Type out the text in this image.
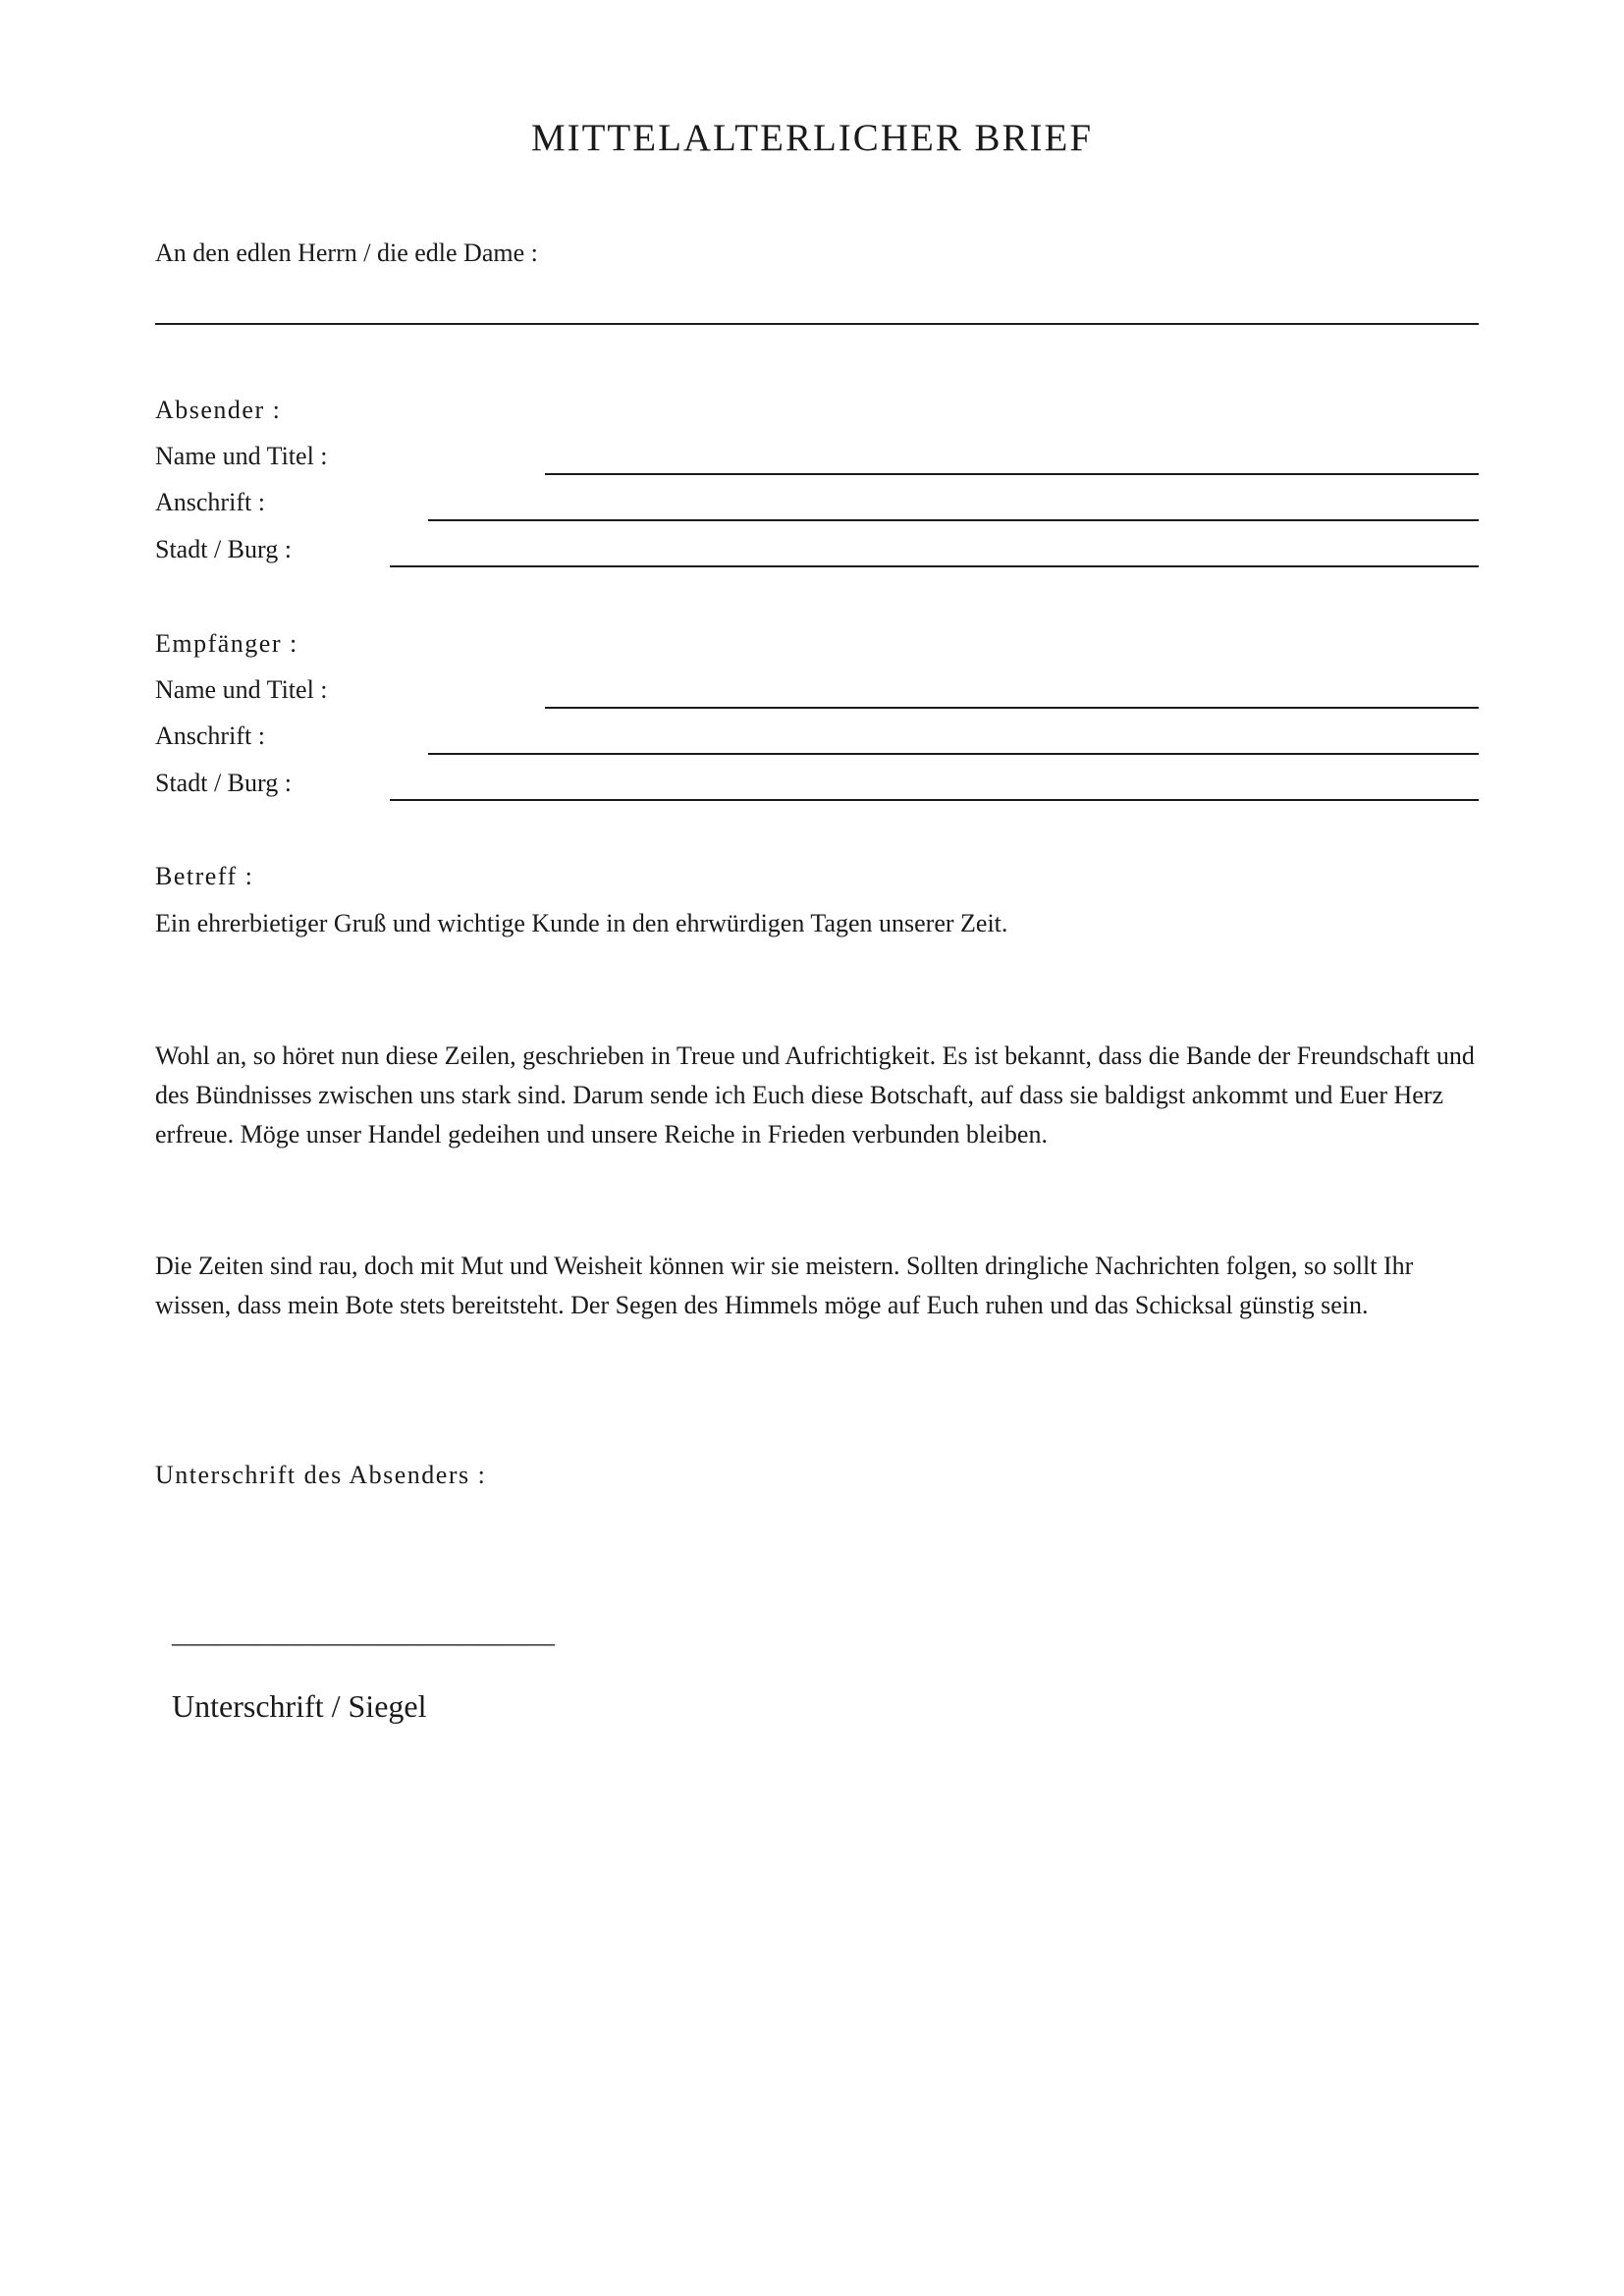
MITTELALTERLICHER BRIEF
An den edlen Herrn / die edle Dame :
Absender :
Name und Titel :
Anschrift :
Stadt / Burg :
Empfänger :
Name und Titel :
Anschrift :
Stadt / Burg :
Betreff :
Ein ehrerbietiger Gruß und wichtige Kunde in den ehrwürdigen Tagen unserer Zeit.
Wohl an, so höret nun diese Zeilen, geschrieben in Treue und Aufrichtigkeit. Es ist bekannt, dass die Bande der Freundschaft und des Bündnisses zwischen uns stark sind. Darum sende ich Euch diese Botschaft, auf dass sie baldigst ankommt und Euer Herz erfreue. Möge unser Handel gedeihen und unsere Reiche in Frieden verbunden bleiben.
Die Zeiten sind rau, doch mit Mut und Weisheit können wir sie meistern. Sollten dringliche Nachrichten folgen, so sollt Ihr wissen, dass mein Bote stets bereitsteht. Der Segen des Himmels möge auf Euch ruhen und das Schicksal günstig sein.
Unterschrift des Absenders :
______________________________
Unterschrift / Siegel
